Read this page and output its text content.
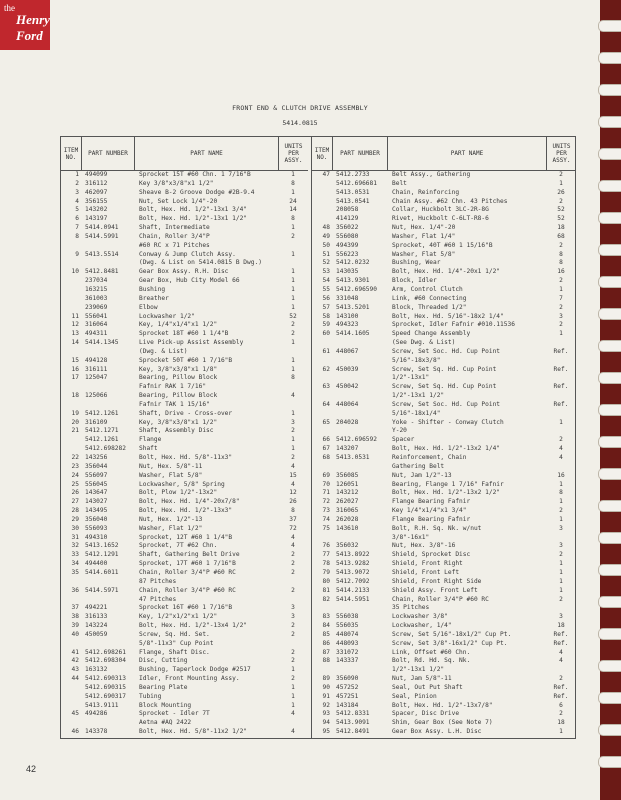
the
Henry
Ford
FRONT END & CLUTCH DRIVE ASSEMBLY
5414.0815
ITEM NO.	PART NUMBER	PART NAME
UNITS PER ASSY.
1 494099	Sprocket 15T #60 Chn. 1 7/16"B	1
2 316112	Key 3/8"x3/8"x1 1/2"	8
3 462097	Sheave B-2 Groove Dodge #2B-9.4	1
4 356155	Nut, Set Lock 1/4"-20	24
5 143202	Bolt, Hex. Hd. 1/2"-13x1 3/4"	14
6 143197	Bolt, Hex. Hd. 1/2"-13x1 1/2"	8
7 5414.0941	Shaft, Intermediate	1
8 5414.5991	Chain, Roller 3/4"P	2
#60 RC x 71 Pitches
9 5413.5514	Conway & Jump Clutch Assy.	1
(Dwg. & List on 5414.0815 B Dwg.)
10 5412.8481	Gear Box Assy. R.H. Disc	1
237034	Gear Box, Hub City Model 66	1
163215	Bushing	1
361003	Breather	1
239069	Elbow	1
11 556041	Lockwasher 1/2"	52
12 316064	Key, 1/4"x1/4"x1 1/2"	2
13 494311	Sprocket 18T #60 1 1/4"B	2
14 5414.1345	Live Pick-up Assist Assembly	1
(Dwg. & List)
15 494128	Sprocket 50T #60 1 7/16"B	1
16 316111	Key, 3/8"x3/8"x1 1/8"	1
17 125047	Bearing, Pillow Block	8
Fafnir RAK 1 7/16"
18 125066	Bearing, Pillow Block	4
Fafnir TAK 1 15/16"
19 5412.1261	Shaft, Drive - Cross-over	1
20 316109	Key, 3/8"x3/8"x1 1/2"	3
21 5412.1271	Shaft, Assembly Disc	2
5412.1261	Flange	1
5412.698282 Shaft	1
22 143256	Bolt, Hex. Hd. 5/8"-11x3"	2
23 356044	Nut, Hex. 5/8"-11	4
24 556097	Washer, Flat 5/8"	15
25 556045	Lockwasher, 5/8" Spring	4
26 143647	Bolt, Plow 1/2"-13x2"	12
27 143027	Bolt, Hex. Hd. 1/4"-20x7/8"	26
28 143495	Bolt, Hex. Hd. 1/2"-13x3"	8
29 356040	Nut, Hex. 1/2"-13	37
30 556093	Washer, Flat 1/2"	72
31 494310	Sprocket, 12T #60 1 1/4"B	4
32 5413.1652	Sprocket, 7T #62 Chn.	4
33 5412.1291	Shaft, Gathering Belt Drive	2
34 494400	Sprocket, 17T #60 1 7/16"B	2
35 5414.6011	Chain, Roller 3/4"P #60 RC	2
87 Pitches
36 5414.5971	Chain, Roller 3/4"P #60 RC	2
47 Pitches
37 494221	Sprocket 16T #60 1 7/16"B	3
38 316133	Key, 1/2"x1/2"x1 1/2"	3
39 143224	Bolt, Hex. Hd. 1/2"-13x4 1/2"	2
40 450059	Screw, Sq. Hd. Set.	2
5/8"-11x3" Cup Point
41 5412.698261 Flange, Shaft Disc.	2
42 5412.698304 Disc, Cutting	2
43 163132	Bushing, Taperlock Dodge #2517	1
44 5412.690313 Idler, Front Mounting Assy.	2
5412.690315 Bearing Plate	1
5412.690317 Tubing	1
5413.9111	Block Mounting	1
45 494286	Sprocket - Idler 7T	4
Aetna #AQ 2422
46 143378	Bolt, Hex. Hd. 5/8"-11x2 1/2"	4
ITEM NO.	PART NUMBER	PART NAME
UNITS PER ASSY.
47 5412.2733	Belt Assy., Gathering	2
5412.696681 Belt	1
5413.0531	Chain, Reinforcing	26
5413.0541	Chain Assy. #62 Chn. 43 Pitches	2
208058	Collar, Huckbolt 3LC-2R-8G	52
414129	Rivet, Huckbolt C-6LT-R8-6	52
48 356022	Nut, Hex. 1/4"-20	18
49 556080	Washer, Flat 1/4"	68
50 494399	Sprocket, 40T #60 1 15/16"B	2
51 556223	Washer, Flat 5/8"	8
52 5412.0232	Bushing, Wear	8
53 143035	Bolt, Hex. Hd. 1/4"-20x1 1/2"	16
54 5413.9301	Block, Idler	2
55 5412.696590 Arm, Control Clutch	1
56 331048	Link, #60 Connecting	7
57 5413.5201	Block, Threaded 1/2"	2
58 143100	Bolt, Hex. Hd. 5/16"-18x2 1/4"	3
59 494323	Sprocket, Idler Fafnir #010.11536	2
60 5414.1605	Speed Change Assembly	1
(See Dwg. & List)
61 448067	Screw, Set Soc. Hd. Cup Point	Ref.
5/16"-18x3/8"
62 450039	Screw, Set Sq. Hd. Cup Point	Ref.
1/2"-13x1"
63 450042	Screw, Set Sq. Hd. Cup Point	Ref.
1/2"-13x1 1/2"
64 448064	Screw, Set Soc. Hd. Cup Point	Ref.
5/16"-18x1/4"
65 204028	Yoke - Shifter - Conway Clutch	1
Y-20
66 5412.696592 Spacer	2
67 143207	Bolt, Hex. Hd. 1/2"-13x2 1/4"	4
68 5413.0531	Reinforcement, Chain	4
Gathering Belt
69 356085	Nut, Jam 1/2"-13	16
70 126051	Bearing, Flange 1 7/16" Fafnir	1
71 143212	Bolt, Hex. Hd. 1/2"-13x2 1/2"	8
72 262027	Flange Bearing Fafnir	1
73 316065	Key 1/4"x1/4"x1 3/4"	2
74 262028	Flange Bearing Fafnir	1
75 143610	Bolt, R.H. Sq. Nk. w/nut	3
3/8"-16x1"
76 356032	Nut, Hex. 3/8"-16	3
77 5413.8922	Shield, Sprocket Disc	2
78 5413.9282	Shield, Front Right	1
79 5413.9072	Shield, Front Left	1
80 5412.7092	Shield, Front Right Side	1
81 5414.2133	Shield Assy. Front Left	1
82 5414.5951	Chain, Roller 3/4"P #60 RC	2
35 Pitches
83 556038	Lockwasher 3/8"	3
84 556035	Lockwasher, 1/4"	18
85 448074	Screw, Set 5/16"-18x1/2" Cup Pt.	Ref.
86 448093	Screw, Set 3/8"-16x1/2" Cup Pt.	Ref.
87 331072	Link, Offset #60 Chn.	4
88 143337	Bolt, Rd. Hd. Sq. Nk.	4
1/2"-13x1 1/2"
89 356090	Nut, Jam 5/8"-11	2
90 457252	Seal, Out Put Shaft	Ref.
91 457251	Seal, Pinion	Ref.
92 143184	Bolt, Hex. Hd. 1/2"-13x7/8"	6
93 5412.8331	Spacer, Disc Drive	2
94 5413.9091	Shim, Gear Box (See Note 7)	18
95 5412.8491	Gear Box Assy. L.H. Disc	1
42
